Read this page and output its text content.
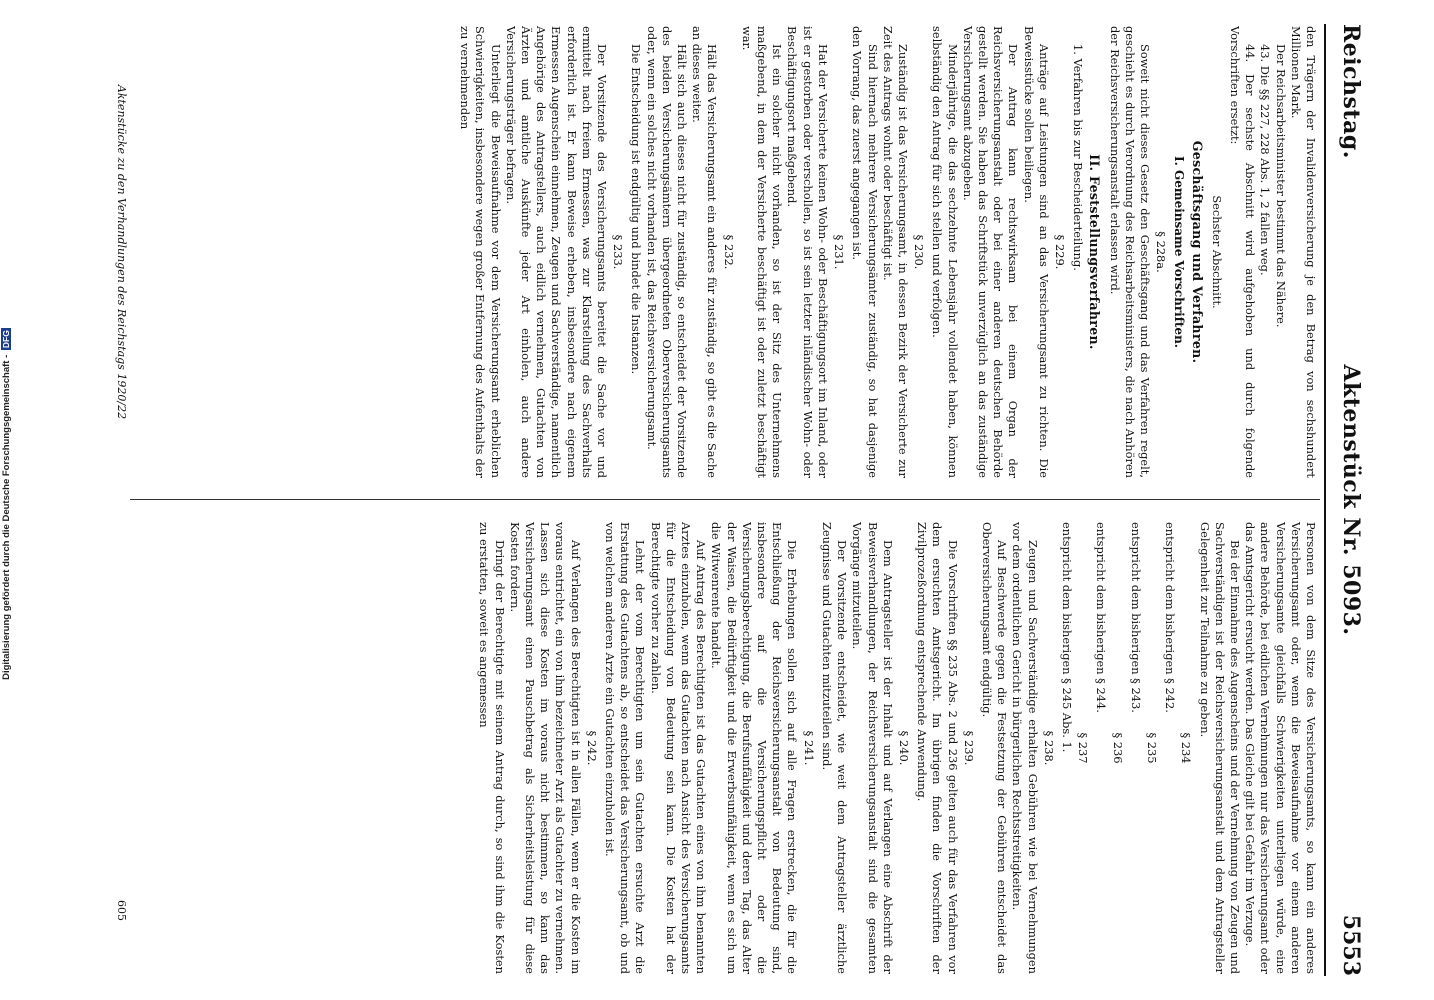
Digitalisierung gefördert durch die Deutsche Forschungsgemeinschaft - DFG
Reichstag.
Aktenstück Nr. 5093.
5553

den Trägern der Invalidenversicherung je den Betrag von sechshundert Millionen Mark.

Der Reichsarbeitsminister bestimmt das Nähere.

43. Die §§ 227, 228 Abs. 1, 2 fallen weg.

44. Der sechste Abschnitt wird aufgehoben und durch folgende Vorschriften ersetzt:

Sechster Abschnitt.
Geschäftsgang und Verfahren.
I. Gemeinsame Vorschriften.
§ 228a.

Soweit nicht dieses Gesetz den Geschäftsgang und das Verfahren regelt, geschieht es durch Verordnung des Reichsarbeitsministers, die nach Anhören der Reichsversicherungsanstalt erlassen wird.

II. Feststellungsverfahren.

1. Verfahren bis zur Bescheiderteilung.

§ 229.

Anträge auf Leistungen sind an das Versicherungsamt zu richten. Die Beweisstücke sollen beiliegen.

Der Antrag kann rechtswirksam bei einem Organ der Reichsversicherungsanstalt oder bei einer anderen deutschen Behörde gestellt werden. Sie haben das Schriftstück unverzüglich an das zuständige Versicherungsamt abzugeben.

Minderjährige, die das sechzehnte Lebensjahr vollendet haben, können selbständig den Antrag für sich stellen und verfolgen.

§ 230.

Zuständig ist das Versicherungsamt, in dessen Bezirk der Versicherte zur Zeit des Antrags wohnt oder beschäftigt ist.

Sind hiernach mehrere Versicherungsämter zuständig, so hat dasjenige den Vorrang, das zuerst angegangen ist.

§ 231.

Hat der Versicherte keinen Wohn- oder Beschäftigungsort im Inland, oder ist er gestorben oder verschollen, so ist sein letzter inländischer Wohn- oder Beschäftigungsort maßgebend.

Ist ein solcher nicht vorhanden, so ist der Sitz des Unternehmens maßgebend, in dem der Versicherte beschäftigt ist oder zuletzt beschäftigt war.

§ 232.

Hält das Versicherungsamt ein anderes für zuständig, so gibt es die Sache an dieses weiter.

Hält sich auch dieses nicht für zuständig, so entscheidet der Vorsitzende des beiden Versicherungsämtern übergeordneten Oberversicherungsamts oder, wenn ein solches nicht vorhanden ist, das Reichsversicherungsamt.

Die Entscheidung ist endgültig und bindet die Instanzen.

§ 233.

Der Vorsitzende des Versicherungsamts bereitet die Sache vor und ermittelt nach freiem Ermessen, was zur Klarstellung des Sachverhalts erforderlich ist. Er kann Beweise erheben, insbesondere nach eigenem Ermessen Augenschein einnehmen, Zeugen und Sachverständige, namentlich Angehörige des Antragstellers, auch eidlich vernehmen, Gutachten von Ärzten und amtliche Auskünfte jeder Art einholen, auch andere Versicherungsträger befragen.

Unterliegt die Beweisaufnahme vor dem Versicherungsamt erheblichen Schwierigkeiten, insbesondere wegen großer Entfernung des Aufenthalts der zu vernehmenden

Personen von dem Sitze des Versicherungsamts, so kann ein anderes Versicherungsamt oder, wenn die Beweisaufnahme vor einem anderen Versicherungsamte gleichfalls Schwierigkeiten unterliegen würde, eine andere Behörde, bei eidlichen Vernehmungen nur das Versicherungsamt oder das Amtsgericht ersucht werden. Das Gleiche gilt bei Gefahr im Verzuge.

Bei der Einnahme des Augenscheins und der Vernehmung von Zeugen und Sachverständigen ist der Reichsversicherungsanstalt und dem Antragsteller Gelegenheit zur Teilnahme zu geben.

§ 234

entspricht dem bisherigen § 242.

§ 235

entspricht dem bisherigen § 243.

§ 236

entspricht dem bisherigen § 244.

§ 237

entspricht dem bisherigen § 245 Abs. 1.

§ 238.

Zeugen und Sachverständige erhalten Gebühren wie bei Vernehmungen vor dem ordentlichen Gericht in bürgerlichen Rechtsstreitigkeiten.

Auf Beschwerde gegen die Festsetzung der Gebühren entscheidet das Oberversicherungsamt endgültig.

§ 239.

Die Vorschriften §§ 235 Abs. 2 und 236 gelten auch für das Verfahren vor dem ersuchten Amtsgericht. Im übrigen finden die Vorschriften der Zivilprozeßordnung entsprechende Anwendung.

§ 240.

Dem Antragsteller ist der Inhalt und auf Verlangen eine Abschrift der Beweisverhandlungen, der Reichsversicherungsanstalt sind die gesamten Vorgänge mitzuteilen.

Der Vorsitzende entscheidet, wie weit dem Antragsteller ärztliche Zeugnisse und Gutachten mitzuteilen sind.

§ 241.

Die Erhebungen sollen sich auf alle Fragen erstrecken, die für die Entschließung der Reichsversicherungsanstalt von Bedeutung sind, insbesondere auf die Versicherungspflicht oder die Versicherungsberechtigung, die Berufsunfähigkeit und deren Tag, das Alter der Waisen, die Bedürftigkeit und die Erwerbsunfähigkeit, wenn es sich um die Witwenrente handelt.

Auf Antrag des Berechtigten ist das Gutachten eines von ihm benannten Arztes einzuholen, wenn das Gutachten nach Ansicht des Versicherungsamts für die Entscheidung von Bedeutung sein kann. Die Kosten hat der Berechtigte vorher zu zahlen.

Lehnt der vom Berechtigten um sein Gutachten ersuchte Arzt die Erstattung des Gutachtens ab, so entscheidet das Versicherungsamt, ob und von welchem anderen Arzte ein Gutachten einzuholen ist.

§ 242.

Auf Verlangen des Berechtigten ist in allen Fällen, wenn er die Kosten im voraus entrichtet, ein von ihm bezeichneter Arzt als Gutachter zu vernehmen. Lassen sich diese Kosten im voraus nicht bestimmen, so kann das Versicherungsamt einen Pauschbetrag als Sicherheitsleistung für diese Kosten fordern.

Dringt der Berechtigte mit seinem Antrag durch, so sind ihm die Kosten zu erstatten, soweit es angemessen

Aktenstücke zu den Verhandlungen des Reichstags 1920/22
605
